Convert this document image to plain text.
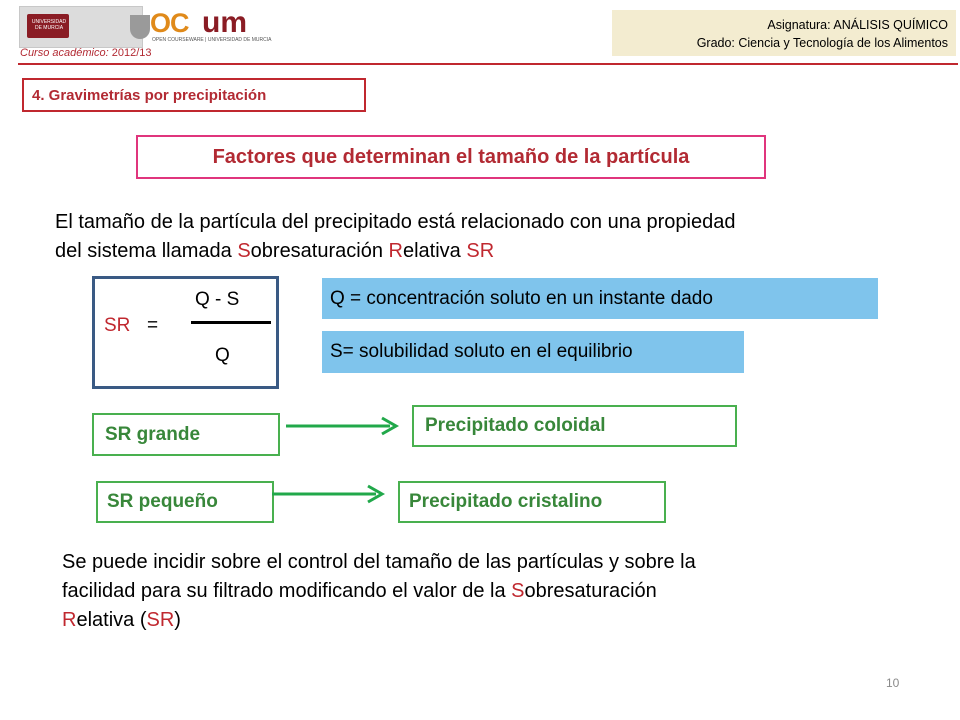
UNIVERSIDAD DE MURCIA	OC um
OPEN COURSEWARE | UNIVERSIDAD DE MURCIA
Curso académico: 2012/13
Asignatura: ANÁLISIS QUÍMICO
Grado: Ciencia y Tecnología de los Alimentos
4. Gravimetrías por precipitación
Factores que determinan el tamaño de la partícula
El tamaño de la partícula del precipitado está relacionado con una propiedad
del sistema llamada Sobresaturación Relativa SR
SR =
Q - S
Q
Q = concentración soluto en un instante dado
S= solubilidad soluto en el equilibrio
SR grande	Precipitado coloidal
SR pequeño	Precipitado cristalino
Se puede incidir sobre el control del tamaño de las partículas y sobre la
facilidad para su filtrado modificando el valor de la Sobresaturación
Relativa (SR)
10
